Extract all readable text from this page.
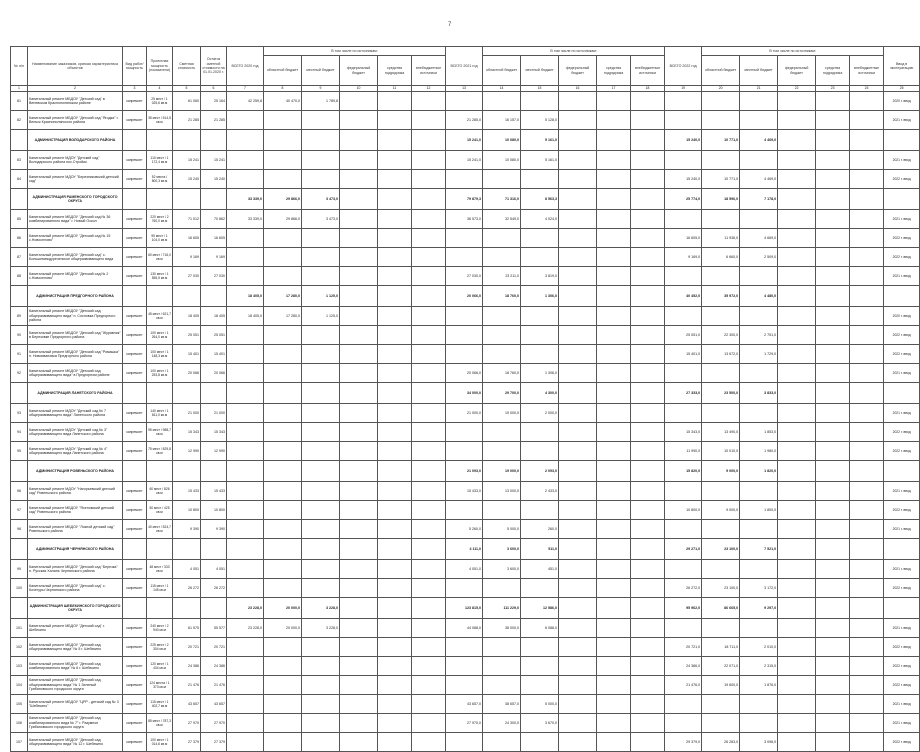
7
№ п/п	Наименование заказчиков, краткая характеристика объектов	Вид работ/мощность	Проектная мощность (показатели)	Сметная стоимость	Остаток сметной стоимости на 01.01.2020 г.	ВСЕГО 2020 год	В том числе по источникам:					ВСЕГО 2021 год	В том числе по источникам:					ВСЕГО 2022 год	В том числе по источникам:					Ввод в эксплуатацию
							областной бюджет	местный бюджет	федеральный бюджет	средства подрядчика	внебюджетные источники		областной бюджет	местный бюджет	федеральный бюджет	средства подрядчика	внебюджетные источники		областной бюджет	местный бюджет	федеральный бюджет	средства подрядчика	внебюджетные источники	
1	2	3	4	5	6	7	8	9	10	11	12	13	14	15	16	17	18	19	20	21	22	23	24	25
81	Капитальный ремонт МБДОУ "Детский сад" в Веневском Краснополянском районе	капремонт	25 мест / 1 025,6 кв.м	61 060	25 164	42 259,8	40 470,0	1 789,8																2020 г. ввод
82	Капитальный ремонт МБДОУ "Детский сад "Ягодка" г. Вельск Краснополянского района	капремонт	35 мест / 514,5 кв.м	21 285	21 285							21 285,0	16 157,0	5 128,0										2021 г. ввод
	АДМИНИСТРАЦИЯ ВОЛОДАРСКОГО РАЙОНА											15 241,0	10 080,0	5 161,0				15 240,0	10 771,0	4 469,0				
83	Капитальный ремонт МДОУ "Детский сад" Володарского района пос.Стройки	капремонт	110 мест / 1 172,4 кв.м	15 241	15 241							15 241,0	10 080,0	5 161,0										2021 г. ввод
84	Капитальный ремонт МДОУ "Березниковский детский сад"	капремонт	52 места / 800,3 кв.м	15 240	15 240													15 240,0	10 771,0	4 469,0				2022 г. ввод
	АДМИНИСТРАЦИЯ РАМЕНСКОГО ГОРОДСКОГО ОКРУГА					33 339,0	29 866,0	3 473,0				79 879,3	71 316,0	8 563,3				25 774,0	18 596,0	7 178,0				
85	Капитальный ремонт МБДОУ "Детский сад № 36 комбинированного вида" г. Новый Оскол	капремонт	220 мест / 2 760,0 кв.м	71 012	70 862	33 339,0	29 866,0	3 473,0				36 573,0	32 549,0	4 024,0										2021 г. ввод
86	Капитальный ремонт МБДОУ "Детский сад № 15 с.Новоселово"	капремонт	95 мест / 1 104,0 кв.м	16 605	16 605													16 605,0	11 936,0	4 669,0				2022 г. ввод
87	Капитальный ремонт МБДОУ "Детский сад" с. Большемеждуреченское общеразвивающего вида	капремонт	60 мест / 716,0 кв.м	9 169	9 169													9 169,0	6 660,0	2 509,0				2022 г. ввод
88	Капитальный ремонт МБДОУ "Детский сад № 2 с.Новоселово"	капремонт	130 мест / 1 555,5 кв.м	27 030	27 030							27 030,0	23 211,0	3 819,0										2021 г. ввод
	АДМИНИСТРАЦИЯ ПРЕДГОРНОГО РАЙОНА					18 405,0	17 280,0	1 125,0				20 066,0	18 760,0	1 306,0				40 452,0	35 972,0	4 480,0				
89	Капитальный ремонт МБДОУ "Детский сад общеразвивающего вида" п. Сосновка Предгорного района	капремонт	45 мест / 621,7 кв.м	18 405	18 405	18 405,0	17 280,0	1 125,0																2020 г. ввод
90	Капитальный ремонт МБДОУ "Детский сад "Журавлик" в Березовке Предгорного района	капремонт	100 мест / 1 264,0 кв.м	25 051	25 051													25 051,0	22 300,0	2 751,0				2022 г. ввод
91	Капитальный ремонт МБДОУ "Детский сад "Ромашка" п. Новоивановка Предгорного района	капремонт	100 мест / 1 148,3 кв.м	15 401	15 401													15 401,0	13 672,0	1 729,0				2022 г. ввод
92	Капитальный ремонт МБДОУ "Детский сад общеразвивающего вида" в Предгорном районе	капремонт	100 мест / 1 253,8 кв.м	20 066	20 066							20 066,0	18 760,0	1 306,0										2021 г. ввод
	АДМИНИСТРАЦИЯ ЛАНЕТСКОГО РАЙОНА											34 000,0	29 700,0	4 300,0				27 333,0	23 500,0	3 833,0				
93	Капитальный ремонт МДОУ "Детский сад № 7 общеразвивающего вида" Ланетского района	капремонт	140 мест / 1 811,0 кв.м	21 000	21 000							21 000,0	19 000,0	2 000,0										2021 г. ввод
94	Капитальный ремонт МДОУ "Детский сад № 3" общеразвивающего вида Ланетского района	капремонт	95 мест / 988,7 кв.м	15 343	15 343													15 343,0	13 490,0	1 853,0				2022 г. ввод
95	Капитальный ремонт МДОУ "Детский сад № 4" общеразвивающего вида Ланетского района	капремонт	75 мест / 829,8 кв.м	12 990	12 990													11 990,0	10 010,0	1 980,0				2022 г. ввод
	АДМИНИСТРАЦИЯ РОВЕНЬСКОГО РАЙОНА											21 093,0	19 000,0	2 093,0				15 820,0	9 000,0	1 820,0				
96	Капитальный ремонт МДОУ "Нагорьевский детский сад" Ровеньского района	капремонт	60 мест / 826 кв.м	15 433	15 433							15 433,0	13 000,0	2 433,0										2021 г. ввод
97	Капитальный ремонт МБДОУ "Ясеновский детский сад" Ровеньского района	капремонт	50 мест / 425 кв.м	10 800	10 800													10 800,0	9 000,0	1 800,0				2022 г. ввод
98	Капитальный ремонт МБДОУ "Лозной детский сад" Ровеньского района	капремонт	40 мест / 524,7 кв.м	9 390	9 390							5 260,0	5 000,0	260,0										2021 г. ввод
	АДМИНИСТРАЦИЯ ЧЕРНЯНСКОГО РАЙОНА											4 111,0	3 600,0	511,0				29 271,0	23 100,0	7 521,0				
99	Капитальный ремонт МБДОУ "Детский сад "Березка" п. Русская Халань Чернянского района	капремонт	48 мест / 333 кв.м	4 051	4 051							4 051,0	3 600,0	451,0										2021 г. ввод
100	Капитальный ремонт МБДОУ "Детский сад" с. Кочегуры Чернянского района	капремонт	115 мест / 1 145 кв.м	26 272	26 272													26 272,0	23 100,0	3 172,0				2022 г. ввод
	АДМИНИСТРАЦИЯ ШЕБЕКИНСКОГО ГОРОДСКОГО ОКРУГА					23 228,0	20 000,0	3 228,0				123 815,0	111 229,0	12 586,0				95 962,0	86 665,0	9 297,0				
101	Капитальный ремонт МБДОУ "Детский сад" г. Шебекино	капремонт	240 мест / 2 940 кв.м	61 575	55 577	23 228,0	20 000,0	3 228,0				44 088,0	38 000,0	6 088,0										2021 г. ввод
102	Капитальный ремонт МБДОУ "Детский сад общеразвивающего вида" № 5 г. Шебекино	капремонт	225 мест / 2 304 кв.м	20 721	20 721													20 721,0	18 711,0	2 010,0				2022 г. ввод
103	Капитальный ремонт МБДОУ "Детский сад комбинированного вида" № 6 г. Шебекино	капремонт	120 мест / 1 434 кв.м	24 386	24 386													24 386,0	22 071,0	2 315,0				2022 г. ввод
104	Капитальный ремонт МБДОУ "Детский сад общеразвивающего вида" № 1 Зеленый Грибановского городского округа	капремонт	124 места / 1 373 кв.м	21 476	21 476													21 476,0	19 600,0	1 876,0				2022 г. ввод
105	Капитальный ремонт МБДОУ "ЦРР - детский сад № 3 "Шебекино"	капремонт	115 мест / 1 402,7 кв.м	43 657	43 657							43 657,0	38 657,0	5 000,0										2021 г. ввод
106	Капитальный ремонт МБДОУ "Детский сад комбинированного вида № 7" г. Разумное Грибановского городского округа	капремонт	85 мест / 787,3 кв.м	27 970	27 970							27 970,0	24 300,0	3 670,0										2021 г. ввод
107	Капитальный ремонт МБДОУ "Детский сад общеразвивающего вида" № 12 г. Шебекино	капремонт	100 мест / 1 014,6 кв.м	27 379	27 379													29 379,0	26 283,0	3 096,0				2022 г. ввод
